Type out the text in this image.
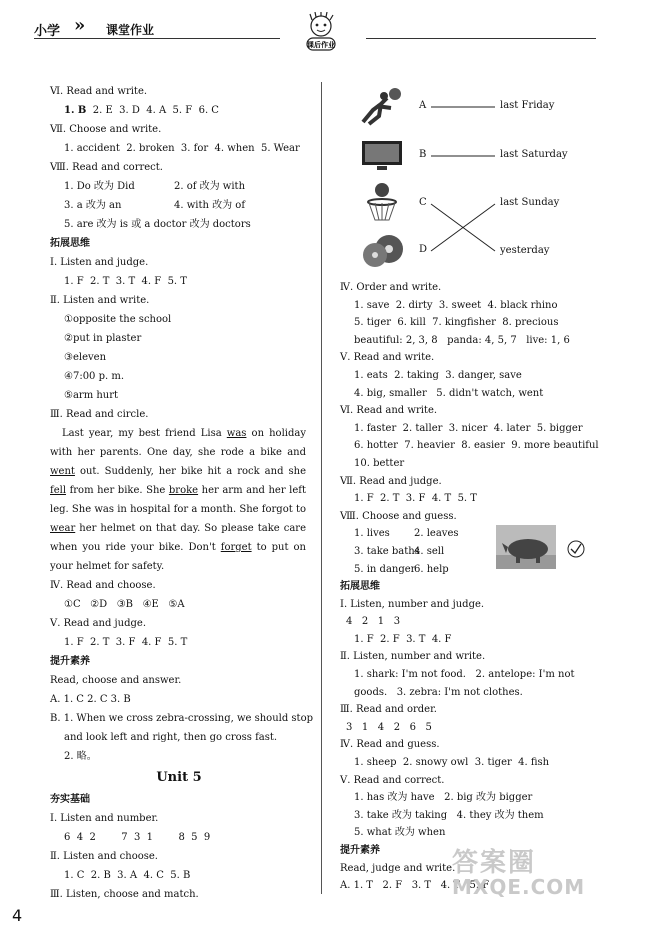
小学 » 课堂作业
课后作业
Ⅵ. Read and write.
1. B 2. E 3. D 4. A 5. F 6. C
Ⅶ. Choose and write.
1. accident 2. broken 3. for 4. when 5. Wear
Ⅷ. Read and correct.
1. Do 改为 Did	2. of 改为 with
3. a 改为 an	4. with 改为 of
5. are 改为 is 或 a doctor 改为 doctors
拓展思维
Ⅰ. Listen and judge.
1. F 2. T 3. T 4. F 5. T
Ⅱ. Listen and write.
①opposite the school
②put in plaster
③eleven
④7:00 p. m.
⑤arm hurt
Ⅲ. Read and circle.
Last year, my best friend Lisa was on holiday with her parents. One day, she rode a bike and went out. Suddenly, her bike hit a rock and she fell from her bike. She broke her arm and her left leg. She was in hospital for a month. She forgot to wear her helmet on that day. So please take care when you ride your bike. Don't forget to put on your helmet for safety.
Ⅳ. Read and choose.
①C ②D ③B ④E ⑤A
Ⅴ. Read and judge.
1. F 2. T 3. F 4. F 5. T
提升素养
Read, choose and answer.
A. 1. C 2. C 3. B
B. 1. When we cross zebra-crossing, we should stop
and look left and right, then go cross fast.
2. 略。
Unit 5
夯实基础
Ⅰ. Listen and number.
6  4  2        7  3  1        8  5  9
Ⅱ. Listen and choose.
1. C 2. B 3. A 4. C 5. B
Ⅲ. Listen, choose and match.
A
B
C
D
last Friday
last Saturday
last Sunday
yesterday
Ⅳ. Order and write.
1. save 2. dirty 3. sweet 4. black rhino
5. tiger 6. kill 7. kingfisher 8. precious
beautiful: 2, 3, 8   panda: 4, 5, 7   live: 1, 6
Ⅴ. Read and write.
1. eats 2. taking 3. danger, save
4. big, smaller   5. didn't watch, went
Ⅵ. Read and write.
1. faster 2. taller 3. nicer 4. later 5. bigger
6. hotter 7. heavier 8. easier 9. more beautiful
10. better
Ⅶ. Read and judge.
1. F 2. T 3. F 4. T 5. T
Ⅷ. Choose and guess.
1. lives 2. leaves
3. take baths4. sell
5. in danger6. help
拓展思维
Ⅰ. Listen, number and judge.
4   2   1   3
1. F 2. F 3. T 4. F
Ⅱ. Listen, number and write.
1. shark: I'm not food.   2. antelope: I'm not
goods.   3. zebra: I'm not clothes.
Ⅲ. Read and order.
3   1   4   2   6   5
Ⅳ. Read and guess.
1. sheep 2. snowy owl 3. tiger 4. fish
Ⅴ. Read and correct.
1. has 改为 have   2. big 改为 bigger
3. take 改为 taking   4. they 改为 them
5. what 改为 when
提升素养
Read, judge and write.
A. 1. T   2. F   3. T   4. T   5. F
答案圈
MXQE.COM
4
